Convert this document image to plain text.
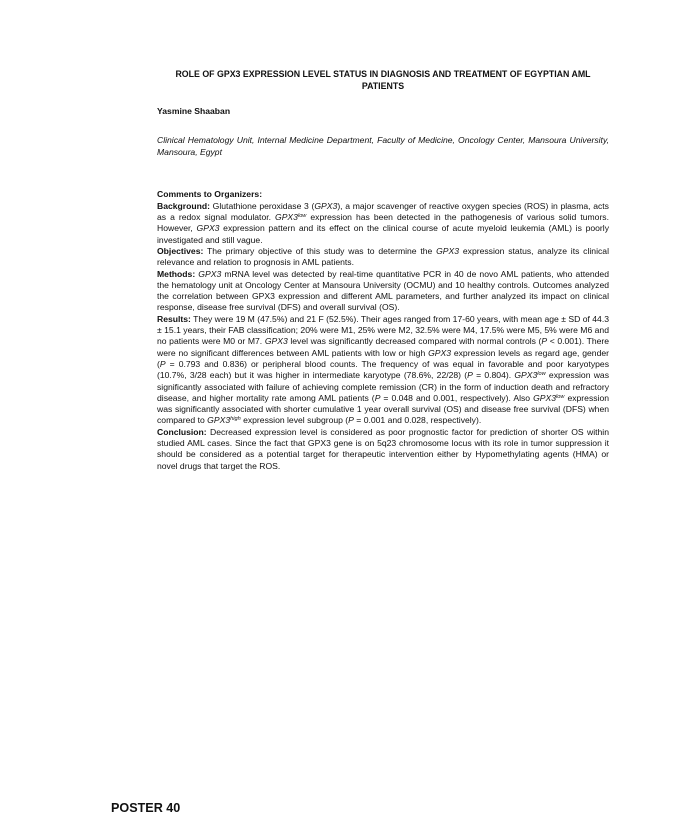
ROLE OF GPX3 EXPRESSION LEVEL STATUS IN DIAGNOSIS AND TREATMENT OF EGYPTIAN AML PATIENTS
Yasmine Shaaban
Clinical Hematology Unit, Internal Medicine Department, Faculty of Medicine, Oncology Center, Mansoura University, Mansoura, Egypt
Comments to Organizers:

Background: Glutathione peroxidase 3 (GPX3), a major scavenger of reactive oxygen species (ROS) in plasma, acts as a redox signal modulator. $GPX3^{low}$ expression has been detected in the pathogenesis of various solid tumors. However, GPX3 expression pattern and its effect on the clinical course of acute myeloid leukemia (AML) is poorly investigated and still vague.

Objectives: The primary objective of this study was to determine the GPX3 expression status, analyze its clinical relevance and relation to prognosis in AML patients.

Methods: GPX3 mRNA level was detected by real-time quantitative PCR in 40 de novo AML patients, who attended the hematology unit at Oncology Center at Mansoura University (OCMU) and 10 healthy controls. Outcomes analyzed the correlation between GPX3 expression and different AML parameters, and further analyzed its impact on clinical response, disease free survival (DFS) and overall survival (OS).

Results: They were 19 M (47.5%) and 21 F (52.5%). Their ages ranged from 17-60 years, with mean age ± SD of 44.3 ± 15.1 years, their FAB classification; 20% were M1, 25% were M2, 32.5% were M4, 17.5% were M5, 5% were M6 and no patients were M0 or M7. GPX3 level was significantly decreased compared with normal controls (P < 0.001). There were no significant differences between AML patients with low or high GPX3 expression levels as regard age, gender (P = 0.793 and 0.836) or peripheral blood counts. The frequency of was equal in favorable and poor karyotypes (10.7%, 3/28 each) but it was higher in intermediate karyotype (78.6%, 22/28) (P = 0.804). $GPX3^{low}$ expression was significantly associated with failure of achieving complete remission (CR) in the form of induction death and refractory disease, and higher mortality rate among AML patients (P = 0.048 and 0.001, respectively). Also $GPX3^{low}$ expression was significantly associated with shorter cumulative 1 year overall survival (OS) and disease free survival (DFS) when compared to $GPX3^{high}$ expression level subgroup (P = 0.001 and 0.028, respectively).

Conclusion: Decreased expression level is considered as poor prognostic factor for prediction of shorter OS within studied AML cases. Since the fact that GPX3 gene is on 5q23 chromosome locus with its role in tumor suppression it should be considered as a potential target for therapeutic intervention either by Hypomethylating agents (HMA) or novel drugs that target the ROS.

POSTER 40
